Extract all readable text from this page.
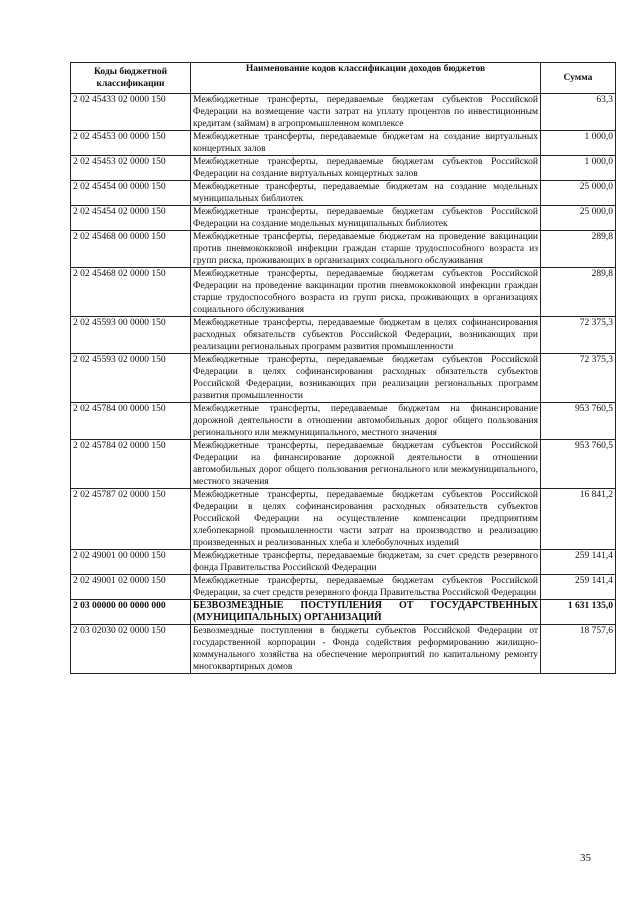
Коды бюджетной классификации	Наименование кодов классификации доходов бюджетов	Сумма
2 02 45433 02 0000 150	Межбюджетные трансферты, передаваемые бюджетам субъектов Российской Федерации на возмещение части затрат на уплату процентов по инвестиционным кредитам (займам) в агропромышленном комплексе	63,3
2 02 45453 00 0000 150	Межбюджетные трансферты, передаваемые бюджетам на создание виртуальных концертных залов	1 000,0
2 02 45453 02 0000 150	Межбюджетные трансферты, передаваемые бюджетам субъектов Российской Федерации на создание виртуальных концертных залов	1 000,0
2 02 45454 00 0000 150	Межбюджетные трансферты, передаваемые бюджетам на создание модельных муниципальных библиотек	25 000,0
2 02 45454 02 0000 150	Межбюджетные трансферты, передаваемые бюджетам субъектов Российской Федерации на создание модельных муниципальных библиотек	25 000,0
2 02 45468 00 0000 150	Межбюджетные трансферты, передаваемые бюджетам на проведение вакцинации против пневмококковой инфекции граждан старше трудоспособного возраста из групп риска, проживающих в организациях социального обслуживания	289,8
2 02 45468 02 0000 150	Межбюджетные трансферты, передаваемые бюджетам субъектов Российской Федерации на проведение вакцинации против пневмококковой инфекции граждан старше трудоспособного возраста из групп риска, проживающих в организациях социального обслуживания	289,8
2 02 45593 00 0000 150	Межбюджетные трансферты, передаваемые бюджетам в целях софинансирования расходных обязательств субъектов Российской Федерации, возникающих при реализации региональных программ развития промышленности	72 375,3
2 02 45593 02 0000 150	Межбюджетные трансферты, передаваемые бюджетам субъектов Российской Федерации в целях софинансирования расходных обязательств субъектов Российской Федерации, возникающих при реализации региональных программ развития промышленности	72 375,3
2 02 45784 00 0000 150	Межбюджетные трансферты, передаваемые бюджетам на финансирование дорожной деятельности в отношении автомобильных дорог общего пользования регионального или межмуниципального, местного значения	953 760,5
2 02 45784 02 0000 150	Межбюджетные трансферты, передаваемые бюджетам субъектов Российской Федерации на финансирование дорожной деятельности в отношении автомобильных дорог общего пользования регионального или межмуниципального, местного значения	953 760,5
2 02 45787 02 0000 150	Межбюджетные трансферты, передаваемые бюджетам субъектов Российской Федерации в целях софинансирования расходных обязательств субъектов Российской Федерации на осуществление компенсации предприятиям хлебопекарной промышленности части затрат на производство и реализацию произведенных и реализованных хлеба и хлебобулочных изделий	16 841,2
2 02 49001 00 0000 150	Межбюджетные трансферты, передаваемые бюджетам, за счет средств резервного фонда Правительства Российской Федерации	259 141,4
2 02 49001 02 0000 150	Межбюджетные трансферты, передаваемые бюджетам субъектов Российской Федерации, за счет средств резервного фонда Правительства Российской Федерации	259 141,4
2 03 00000 00 0000 000	БЕЗВОЗМЕЗДНЫЕ ПОСТУПЛЕНИЯ ОТ ГОСУДАРСТВЕННЫХ (МУНИЦИПАЛЬНЫХ) ОРГАНИЗАЦИЙ	1 631 135,0
2 03 02030 02 0000 150	Безвозмездные поступления в бюджеты субъектов Российской Федерации от государственной корпорации - Фонда содействия реформированию жилищно-коммунального хозяйства на обеспечение мероприятий по капитальному ремонту многоквартирных домов	18 757,6
35
